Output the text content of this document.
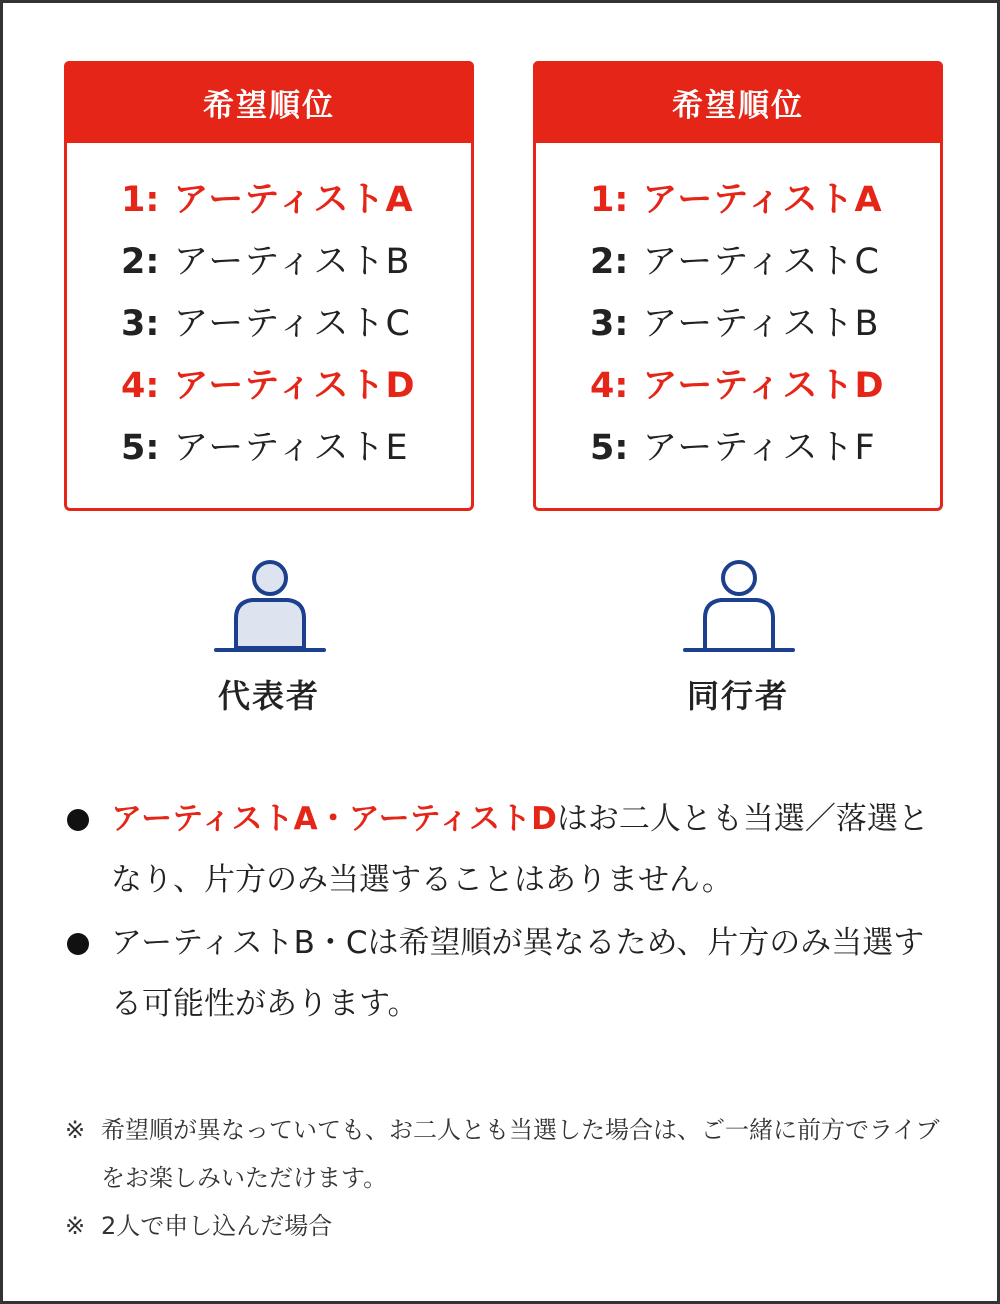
希望順位
1: アーティストA
2: アーティストB
3: アーティストC
4: アーティストD
5: アーティストE
希望順位
1: アーティストA
2: アーティストC
3: アーティストB
4: アーティストD
5: アーティストF
代表者	同行者
アーティストA・アーティストDはお二人とも当選／落選となり、片方のみ当選することはありません。
アーティストB・Cは希望順が異なるため、片方のみ当選する可能性があります。
※ 希望順が異なっていても、お二人とも当選した場合は、ご一緒に前方でライブをお楽しみいただけます。
※ 2人で申し込んだ場合
